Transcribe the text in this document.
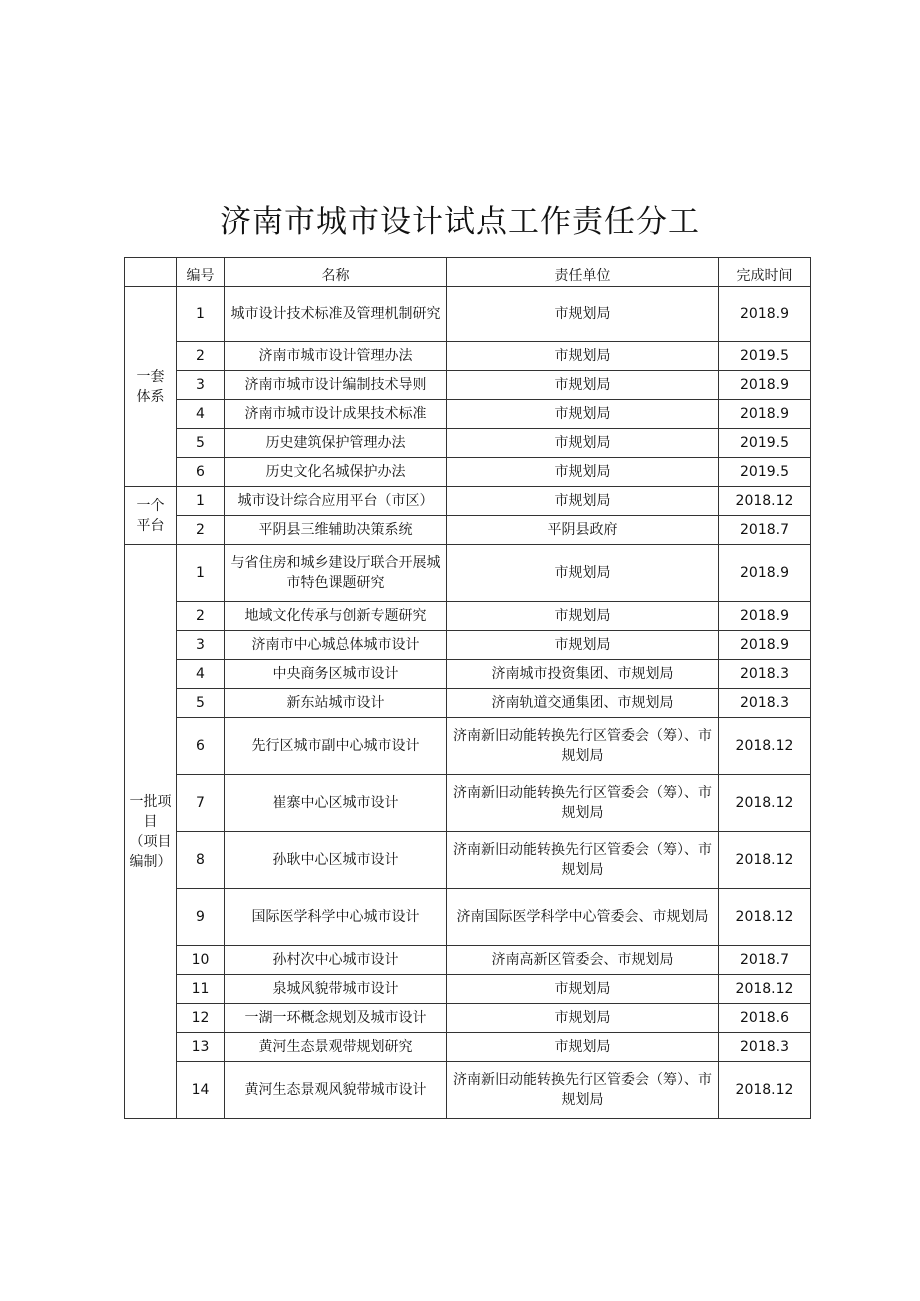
济南市城市设计试点工作责任分工
	编号	名称	责任单位	完成时间
一套
体系	1	城市设计技术标准及管理机制研究	市规划局	2018.9
	2	济南市城市设计管理办法	市规划局	2019.5
	3	济南市城市设计编制技术导则	市规划局	2018.9
	4	济南市城市设计成果技术标准	市规划局	2018.9
	5	历史建筑保护管理办法	市规划局	2019.5
	6	历史文化名城保护办法	市规划局	2019.5
一个
平台	1	城市设计综合应用平台（市区）	市规划局	2018.12
	2	平阴县三维辅助决策系统	平阴县政府	2018.7
一批项
目
（项目
编制）	1	与省住房和城乡建设厅联合开展城市特色课题研究	市规划局	2018.9
	2	地域文化传承与创新专题研究	市规划局	2018.9
	3	济南市中心城总体城市设计	市规划局	2018.9
	4	中央商务区城市设计	济南城市投资集团、市规划局	2018.3
	5	新东站城市设计	济南轨道交通集团、市规划局	2018.3
	6	先行区城市副中心城市设计	济南新旧动能转换先行区管委会（筹）、市规划局	2018.12
	7	崔寨中心区城市设计	济南新旧动能转换先行区管委会（筹）、市规划局	2018.12
	8	孙耿中心区城市设计	济南新旧动能转换先行区管委会（筹）、市规划局	2018.12
	9	国际医学科学中心城市设计	济南国际医学科学中心管委会、市规划局	2018.12
	10	孙村次中心城市设计	济南高新区管委会、市规划局	2018.7
	11	泉城风貌带城市设计	市规划局	2018.12
	12	一湖一环概念规划及城市设计	市规划局	2018.6
	13	黄河生态景观带规划研究	市规划局	2018.3
	14	黄河生态景观风貌带城市设计	济南新旧动能转换先行区管委会（筹）、市规划局	2018.12
